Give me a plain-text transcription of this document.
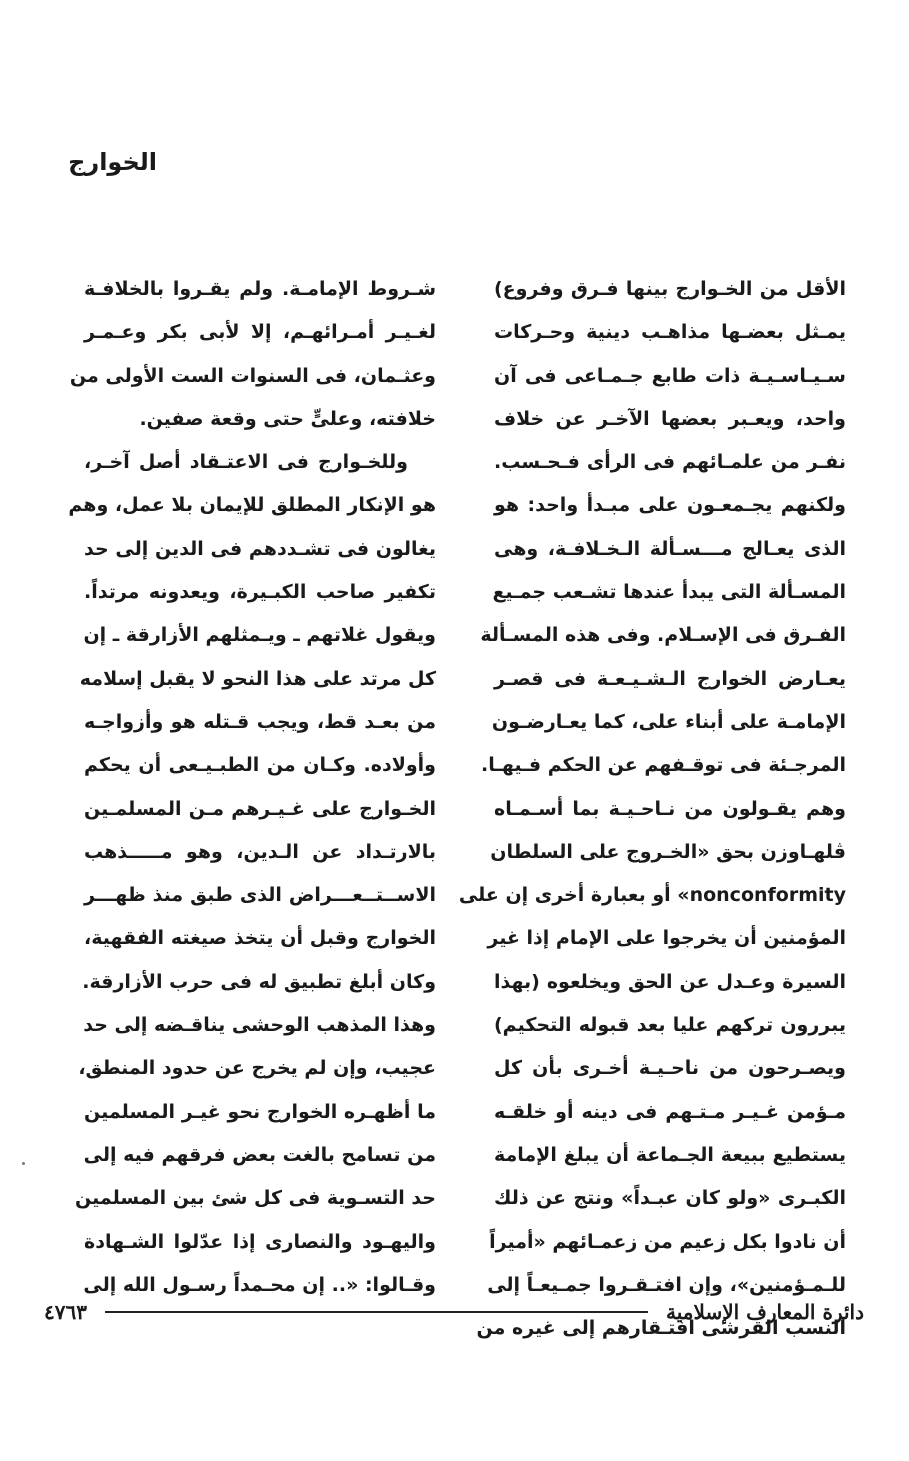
الخوارج
الأقل من الخـوارج بينها فـرق وفروع)
يمـثل بعضـها مذاهـب دينية وحـركات
سـيـاسـيـة ذات طابع جـمـاعى فى آن
واحد، ويعـبر بعضها الآخـر عن خلاف
نفـر من علمـائهم فى الرأى فـحـسب.
ولكنهم يجـمعـون على مبـدأ واحد: هو
الذى يعـالج مـــسـألة الـخـلافـة، وهى
المسـألة التى يبدأ عندها تشـعب جمـيع
الفـرق فى الإسـلام. وفى هذه المسـألة
يعـارض الخوارج الـشـيـعـة فى قصـر
الإمامـة على أبناء على، كما يعـارضـون
المرجـئة فى توقـفهم عن الحكم فـيهـا.
وهم يقـولون من نـاحـيـة بما أسـمـاه
ڤلهـاوزن بحق «الخـروج على السلطان
nonconformity» أو بعبارة أخرى إن على
المؤمنين أن يخرجوا على الإمام إذا غير
السيرة وعـدل عن الحق ويخلعوه (بهذا
يبررون تركهم عليا بعد قبوله التحكيم)
ويصـرحون من ناحـيـة أخـرى بأن كل
مـؤمن غـيـر مـتـهم فى دينه أو خلقـه
يستطيع ببيعة الجـماعة أن يبلغ الإمامة
الكبـرى «ولو كان عبـداً» ونتج عن ذلك
أن نادوا بكل زعيم من زعمـائهم «أميراً
للـمـؤمنين»، وإن افتـقـروا جمـيعـاً إلى
النسب القرشى افتـقارهم إلى غيره من
شـروط الإمامـة. ولم يقـروا بالخلافـة
لغـيـر أمـرائهـم، إلا لأبى بكر وعـمـر
وعثـمان، فى السنوات الست الأولى من
خلافته، وعلىٍّ حتى وقعة صفين.
وللخـوارج فى الاعتـقاد أصل آخـر،
هو الإنكار المطلق للإيمان بلا عمل، وهم
يغالون فى تشـددهم فى الدين إلى حد
تكفير صاحب الكبـيرة، ويعدونه مرتداً.
ويقول غلاتهم ـ ويـمثلهم الأزارقة ـ إن
كل مرتد على هذا النحو لا يقبل إسلامه
من بعـد قط، ويجب قـتله هو وأزواجـه
وأولاده. وكـان من الطبـيـعى أن يحكم
الخـوارج على غـيـرهم مـن المسلمـين
بالارتـداد عن الـدين، وهو مـــــذهب
الاســتــعـــراض الذى طبق منذ ظهـــر
الخوارج وقبل أن يتخذ صيغته الفقهية،
وكان أبلغ تطبيق له فى حرب الأزارقة.
وهذا المذهب الوحشى يناقـضه إلى حد
عجيب، وإن لم يخرج عن حدود المنطق،
ما أظهـره الخوارج نحو غيـر المسلمين
من تسامح بالغت بعض فرقهم فيه إلى
حد التسـوية فى كل شئ بين المسلمين
واليهـود والنصارى إذا عدّلوا الشـهادة
وقـالوا: «.. إن محـمداً رسـول الله إلى
دائرة المعارف الإسلامية
٤٧٦٣
